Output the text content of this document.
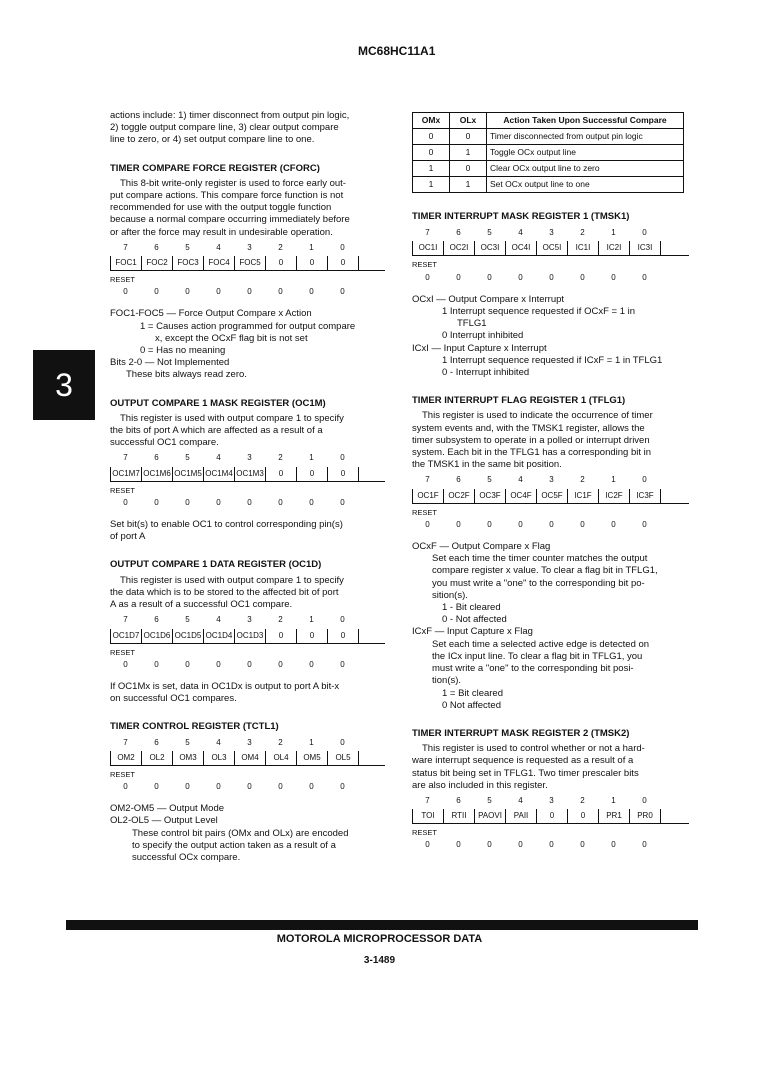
MC68HC11A1
3

actions include: 1) timer disconnect from output pin logic,

2) toggle output compare line, 3) clear output compare

line to zero, or 4) set output compare line to one.

TIMER COMPARE FORCE REGISTER (CFORC)

This 8-bit write-only register is used to force early out-

put compare actions. This compare force function is not

recommended for use with the output toggle function

because a normal compare occurring immediately before

or after the force may result in undesirable operation.

7	6	5	4	3	2	1	0
FOC1	FOC2	FOC3	FOC4	FOC5	0	0	0
RESET
0	0	0	0	0	0	0	0

FOC1-FOC5 — Force Output Compare x Action

1 = Causes action programmed for output compare

x, except the OCxF flag bit is not set

0 = Has no meaning

Bits 2-0 — Not Implemented

These bits always read zero.

OUTPUT COMPARE 1 MASK REGISTER (OC1M)

This register is used with output compare 1 to specify

the bits of port A which are affected as a result of a

successful OC1 compare.

7	6	5	4	3	2	1	0
OC1M7 OC1M6 OC1M5 OC1M4 OC1M3	0	0	0
RESET
0	0	0	0	0	0	0	0

Set bit(s) to enable OC1 to control corresponding pin(s)

of port A

OUTPUT COMPARE 1 DATA REGISTER (OC1D)

This register is used with output compare 1 to specify

the data which is to be stored to the affected bit of port

A as a result of a successful OC1 compare.

7	6	5	4	3	2	1	0
OC1D7 OC1D6 OC1D5 OC1D4 OC1D3	0	0	0
RESET
0	0	0	0	0	0	0	0

If OC1Mx is set, data in OC1Dx is output to port A bit-x

on successful OC1 compares.

TIMER CONTROL REGISTER (TCTL1)

7	6	5	4	3	2	1	0
OM2	OL2	OM3	OL3	OM4	OL4	OM5	OL5
RESET
0	0	0	0	0	0	0	0

OM2-OM5 — Output Mode

OL2-OL5 — Output Level

These control bit pairs (OMx and OLx) are encoded

to specify the output action taken as a result of a

successful OCx compare.

OMx	OLx	Action Taken Upon Successful Compare
0	0	Timer disconnected from output pin logic
0	1	Toggle OCx output line
1	0	Clear OCx output line to zero
1	1	Set OCx output line to one

TIMER INTERRUPT MASK REGISTER 1 (TMSK1)

7	6	5	4	3	2	1	0
OC1I	OC2I	OC3I	OC4I	OC5I	IC1I	IC2I	IC3I
RESET
0	0	0	0	0	0	0	0

OCxI — Output Compare x Interrupt

1 Interrupt sequence requested if OCxF = 1 in

TFLG1

0 Interrupt inhibited

ICxI — Input Capture x Interrupt

1 Interrupt sequence requested if ICxF = 1 in TFLG1

0 - Interrupt inhibited

TIMER INTERRUPT FLAG REGISTER 1 (TFLG1)

This register is used to indicate the occurrence of timer

system events and, with the TMSK1 register, allows the

timer subsystem to operate in a polled or interrupt driven

system. Each bit in the TFLG1 has a corresponding bit in

the TMSK1 in the same bit position.

7	6	5	4	3	2	1	0
OC1F	OC2F	OC3F	OC4F	OC5F	IC1F	IC2F	IC3F
RESET
0	0	0	0	0	0	0	0

OCxF — Output Compare x Flag

Set each time the timer counter matches the output

compare register x value. To clear a flag bit in TFLG1,

you must write a "one" to the corresponding bit po-

sition(s).

1 - Bit cleared

0 - Not affected

ICxF — Input Capture x Flag

Set each time a selected active edge is detected on

the ICx input line. To clear a flag bit in TFLG1, you

must write a "one" to the corresponding bit posi-

tion(s).

1 = Bit cleared

0 Not affected

TIMER INTERRUPT MASK REGISTER 2 (TMSK2)

This register is used to control whether or not a hard-

ware interrupt sequence is requested as a result of a

status bit being set in TFLG1. Two timer prescaler bits

are also included in this register.

7	6	5	4	3	2	1	0
TOI	RTII	PAOVI	PAII	0	0	PR1	PR0
RESET
0	0	0	0	0	0	0	0
MOTOROLA MICROPROCESSOR DATA
3-1489
